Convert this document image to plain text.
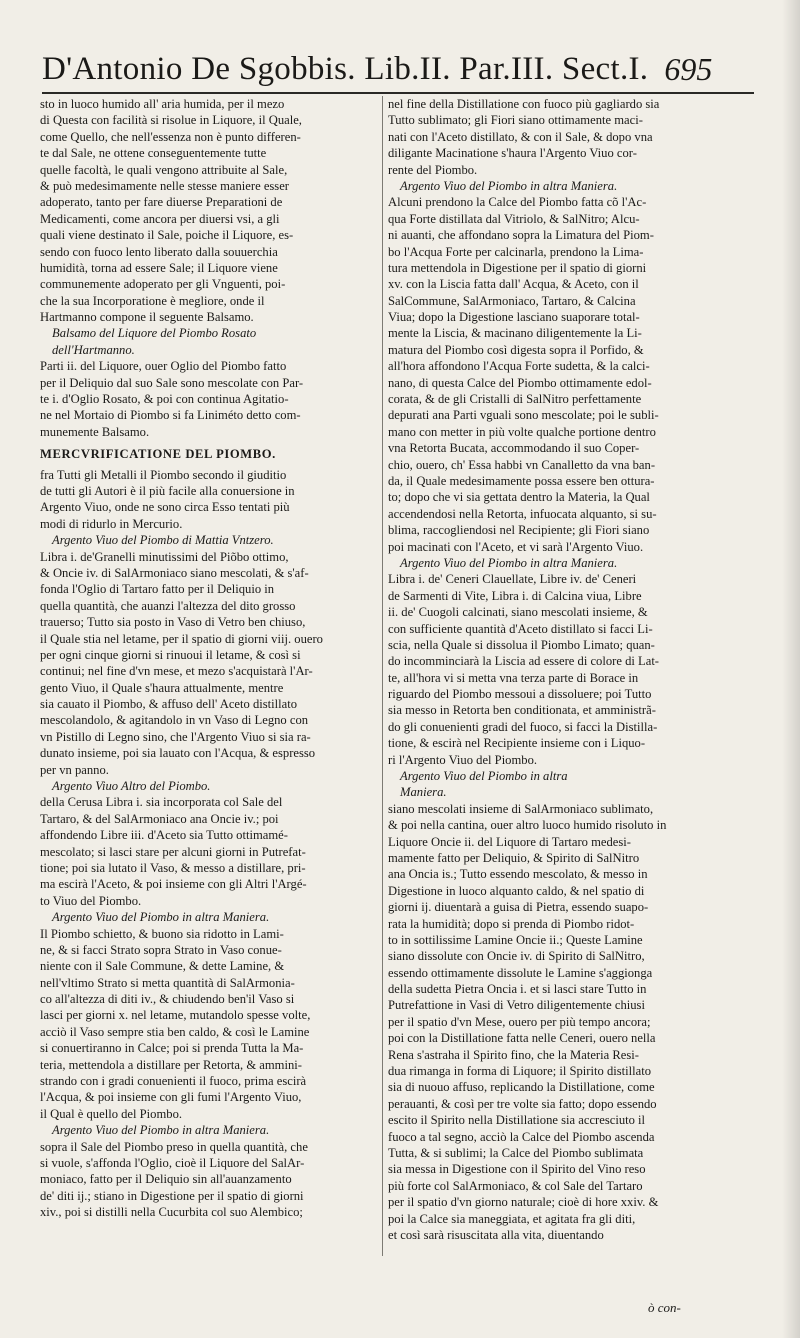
D'Antonio De Sgobbis. Lib.II. Par.III. Sect.I. 695
sto in luoco humido all' aria humida, per il mezo
di Questa con facilità si risolue in Liquore, il Quale,
come Quello, che nell'essenza non è punto differen-
te dal Sale, ne ottene conseguentemente tutte
quelle facoltà, le quali vengono attribuite al Sale,
& può medesimamente nelle stesse maniere esser
adoperato, tanto per fare diuerse Preparationi de
Medicamenti, come ancora per diuersi vsi, a gli
quali viene destinato il Sale, poiche il Liquore, es-
sendo con fuoco lento liberato dalla souuerchia
humidità, torna ad essere Sale; il Liquore viene
communemente adoperato per gli Vnguenti, poi-
che la sua Incorporatione è megliore, onde il
Hartmanno compone il seguente Balsamo.
Balsamo del Liquore del Piombo Rosato
dell'Hartmanno.
Parti ii. del Liquore, ouer Oglio del Piombo fatto
per il Deliquio dal suo Sale sono mescolate con Par-
te i. d'Oglio Rosato, & poi con continua Agitatio-
ne nel Mortaio di Piombo si fa Liniméto detto com-
munemente Balsamo.
MERCVRIFICATIONE DEL PIOMBO.
fra Tutti gli Metalli il Piombo secondo il giuditio
de tutti gli Autori è il più facile alla conuersione in
Argento Viuo, onde ne sono circa Esso tentati più
modi di ridurlo in Mercurio.
Argento Viuo del Piombo di Mattia Vntzero.
Libra i. de'Granelli minutissimi del Piõbo ottimo,
& Oncie iv. di SalArmoniaco siano mescolati, & s'af-
fonda l'Oglio di Tartaro fatto per il Deliquio in
quella quantità, che auanzi l'altezza del dito grosso
trauerso; Tutto sia posto in Vaso di Vetro ben chiuso,
il Quale stia nel letame, per il spatio di giorni viij. ouero
per ogni cinque giorni si rinuoui il letame, & così si
continui; nel fine d'vn mese, et mezo s'acquistarà l'Ar-
gento Viuo, il Quale s'haura attualmente, mentre
sia cauato il Piombo, & affuso dell' Aceto distillato
mescolandolo, & agitandolo in vn Vaso di Legno con
vn Pistillo di Legno sino, che l'Argento Viuo si sia ra-
dunato insieme, poi sia lauato con l'Acqua, & espresso
per vn panno.
Argento Viuo Altro del Piombo.
della Cerusa Libra i. sia incorporata col Sale del
Tartaro, & del SalArmoniaco ana Oncie iv.; poi
affondendo Libre iii. d'Aceto sia Tutto ottimamé-
mescolato; si lasci stare per alcuni giorni in Putrefat-
tione; poi sia lutato il Vaso, & messo a distillare, pri-
ma escirà l'Aceto, & poi insieme con gli Altri l'Argé-
to Viuo del Piombo.
Argento Viuo del Piombo in altra Maniera.
Il Piombo schietto, & buono sia ridotto in Lami-
ne, & si facci Strato sopra Strato in Vaso conue-
niente con il Sale Commune, & dette Lamine, &
nell'vltimo Strato si metta quantità di SalArmonia-
co all'altezza di diti iv., & chiudendo ben'il Vaso si
lasci per giorni x. nel letame, mutandolo spesse volte,
acciò il Vaso sempre stia ben caldo, & così le Lamine
si conuertiranno in Calce; poi si prenda Tutta la Ma-
teria, mettendola a distillare per Retorta, & ammini-
strando con i gradi conuenienti il fuoco, prima escirà
l'Acqua, & poi insieme con gli fumi l'Argento Viuo,
il Qual è quello del Piombo.
Argento Viuo del Piombo in altra Maniera.
sopra il Sale del Piombo preso in quella quantità, che
si vuole, s'affonda l'Oglio, cioè il Liquore del SalAr-
moniaco, fatto per il Deliquio sin all'auanzamento
de' diti ij.; stiano in Digestione per il spatio di giorni
xiv., poi si distilli nella Cucurbita col suo Alembico;
nel fine della Distillatione con fuoco più gagliardo sia
Tutto sublimato; gli Fiori siano ottimamente maci-
nati con l'Aceto distillato, & con il Sale, & dopo vna
diligante Macinatione s'haura l'Argento Viuo cor-
rente del Piombo.
Argento Viuo del Piombo in altra Maniera.
Alcuni prendono la Calce del Piombo fatta cõ l'Ac-
qua Forte distillata dal Vitriolo, & SalNitro; Alcu-
ni auanti, che affondano sopra la Limatura del Piom-
bo l'Acqua Forte per calcinarla, prendono la Lima-
tura mettendola in Digestione per il spatio di giorni
xv. con la Liscia fatta dall' Acqua, & Aceto, con il
SalCommune, SalArmoniaco, Tartaro, & Calcina
Viua; dopo la Digestione lasciano suaporare total-
mente la Liscia, & macinano diligentemente la Li-
matura del Piombo così digesta sopra il Porfido, &
all'hora affondono l'Acqua Forte sudetta, & la calci-
nano, di questa Calce del Piombo ottimamente edol-
corata, & de gli Cristalli di SalNitro perfettamente
depurati ana Parti vguali sono mescolate; poi le subli-
mano con metter in più volte qualche portione dentro
vna Retorta Bucata, accommodando il suo Coper-
chio, ouero, ch' Essa habbi vn Canalletto da vna ban-
da, il Quale medesimamente possa essere ben ottura-
to; dopo che vi sia gettata dentro la Materia, la Qual
accendendosi nella Retorta, infuocata alquanto, si su-
blima, raccogliendosi nel Recipiente; gli Fiori siano
poi macinati con l'Aceto, et vi sarà l'Argento Viuo.
Argento Viuo del Piombo in altra Maniera.
Libra i. de' Ceneri Clauellate, Libre iv. de' Ceneri
de Sarmenti di Vite, Libra i. di Calcina viua, Libre
ii. de' Cuogoli calcinati, siano mescolati insieme, &
con sufficiente quantità d'Aceto distillato si facci Li-
scia, nella Quale si dissolua il Piombo Limato; quan-
do incomminciarà la Liscia ad essere di colore di Lat-
te, all'hora vi si metta vna terza parte di Borace in
riguardo del Piombo messoui a dissoluere; poi Tutto
sia messo in Retorta ben conditionata, et amministrã-
do gli conuenienti gradi del fuoco, si facci la Distilla-
tione, & escirà nel Recipiente insieme con i Liquo-
ri l'Argento Viuo del Piombo.
Argento Viuo del Piombo in altra
Maniera.
siano mescolati insieme di SalArmoniaco sublimato,
& poi nella cantina, ouer altro luoco humido risoluto in
Liquore Oncie ii. del Liquore di Tartaro medesi-
mamente fatto per Deliquio, & Spirito di SalNitro
ana Oncia is.; Tutto essendo mescolato, & messo in
Digestione in luoco alquanto caldo, & nel spatio di
giorni ij. diuentarà a guisa di Pietra, essendo suapo-
rata la humidità; dopo si prenda di Piombo ridot-
to in sottilissime Lamine Oncie ii.; Queste Lamine
siano dissolute con Oncie iv. di Spirito di SalNitro,
essendo ottimamente dissolute le Lamine s'aggionga
della sudetta Pietra Oncia i. et si lasci stare Tutto in
Putrefattione in Vasi di Vetro diligentemente chiusi
per il spatio d'vn Mese, ouero per più tempo ancora;
poi con la Distillatione fatta nelle Ceneri, ouero nella
Rena s'astraha il Spirito fino, che la Materia Resi-
dua rimanga in forma di Liquore; il Spirito distillato
sia di nuouo affuso, replicando la Distillatione, come
perauanti, & così per tre volte sia fatto; dopo essendo
escito il Spirito nella Distillatione sia accresciuto il
fuoco a tal segno, acciò la Calce del Piombo ascenda
Tutta, & si sublimi; la Calce del Piombo sublimata
sia messa in Digestione con il Spirito del Vino reso
più forte col SalArmoniaco, & col Sale del Tartaro
per il spatio d'vn giorno naturale; cioè di hore xxiv. &
poi la Calce sia maneggiata, et agitata fra gli diti,
et così sarà risuscitata alla vita, diuentando
ò con-
